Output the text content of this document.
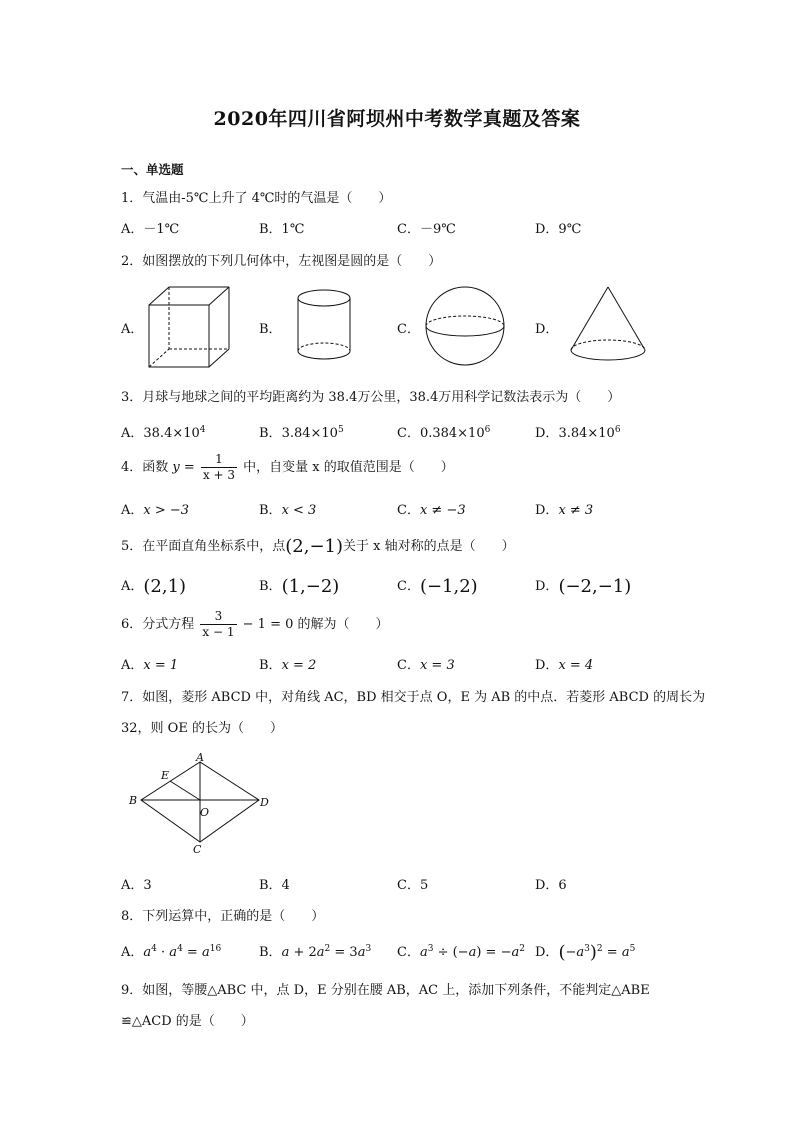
2020年四川省阿坝州中考数学真题及答案
一、单选题
1．气温由-5℃上升了 4℃时的气温是（　　）
A．－1℃	B．1℃	C．－9℃	D．9℃
2．如图摆放的下列几何体中，左视图是圆的是（　　）
A．	B．	C．	D．
3．月球与地球之间的平均距离约为 38.4万公里，38.4万用科学记数法表示为（　　）
A．$38.4\times 10^4$	B．$3.84\times 10^5$	C．$0.384\times 10^6$	D．$3.84\times 10^6$
4．函数 $y = \frac{1}{x + 3}$ 中，自变量 x 的取值范围是（　　）
A．x > −3	B．x < 3	C．x ≠ −3	D．x ≠ 3
5．在平面直角坐标系中，点(2,−1)关于 x 轴对称的点是（　　）
A．(2,1)	B．(1,−2)	C．(−1,2)	D．(−2,−1)
6．分式方程 $\frac{3}{x - 1} - 1 = 0$ 的解为（　　）
A．x = 1	B．x = 2	C．x = 3	D．x = 4
7．如图，菱形 ABCD 中，对角线 AC，BD 相交于点 O，E 为 AB 的中点．若菱形 ABCD 的周长为
32，则 OE 的长为（　　）
A
B
C
D
E
O
A．3	B．4	C．5	D．6
8．下列运算中，正确的是（　　）
A．$a^4 \cdot a^4 = a^{16}$	B．$a + 2a^2 = 3a^3$ C．$a^3 \div (-a) = -a^2$ D．$(-a^3)^2 = a^5$
9．如图，等腰△ABC 中，点 D，E 分别在腰 AB，AC 上，添加下列条件，不能判定△ABE
≌△ACD 的是（　　）
